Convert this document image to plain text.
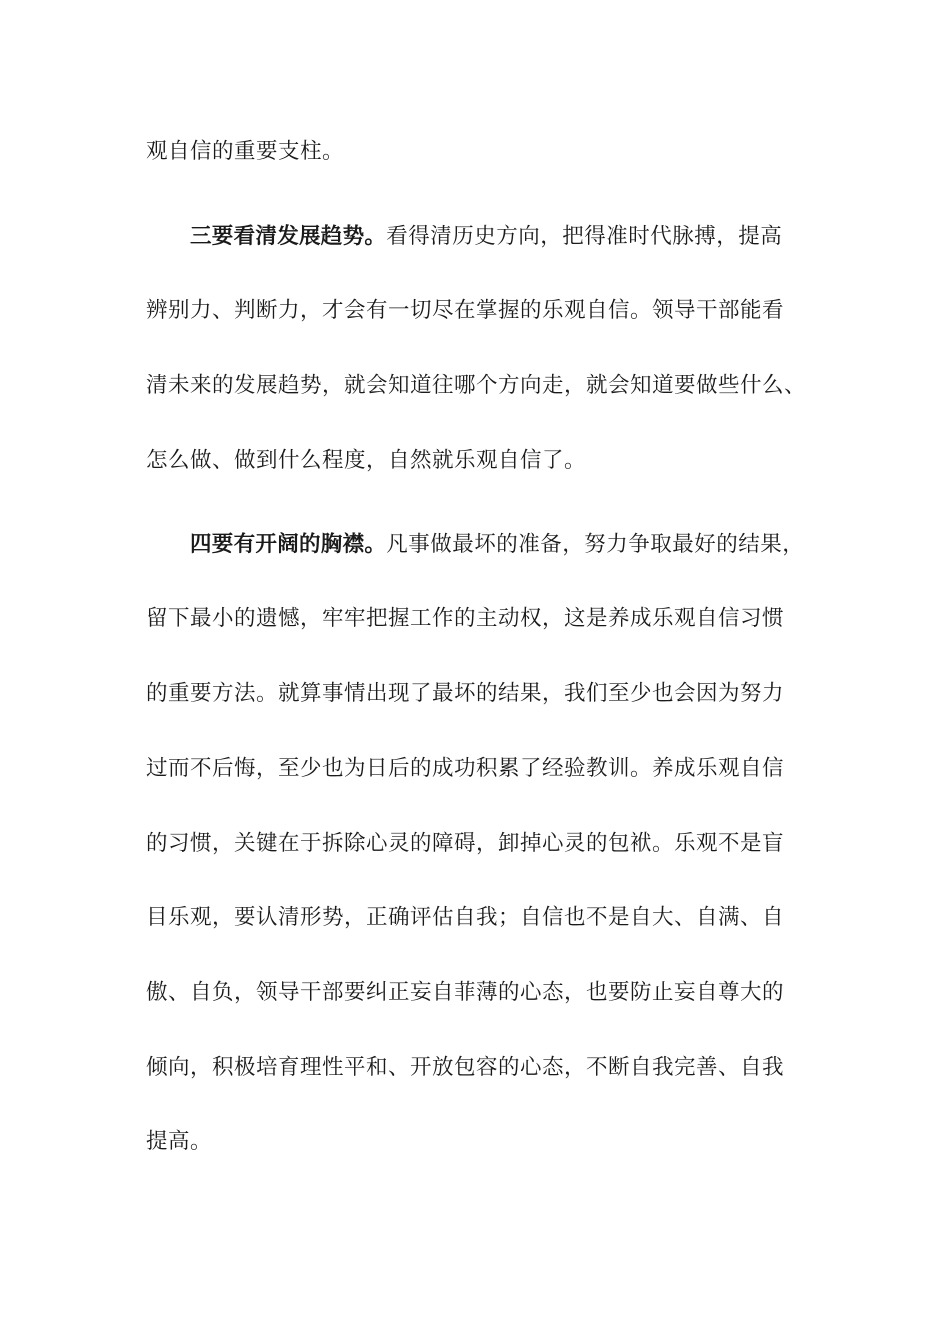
观自信的重要支柱。
三要看清发展趋势。看得清历史方向，把得准时代脉搏，提高
辨别力、判断力，才会有一切尽在掌握的乐观自信。领导干部能看
清未来的发展趋势，就会知道往哪个方向走，就会知道要做些什么、
怎么做、做到什么程度，自然就乐观自信了。
四要有开阔的胸襟。凡事做最坏的准备，努力争取最好的结果，
留下最小的遗憾，牢牢把握工作的主动权，这是养成乐观自信习惯
的重要方法。就算事情出现了最坏的结果，我们至少也会因为努力
过而不后悔，至少也为日后的成功积累了经验教训。养成乐观自信
的习惯，关键在于拆除心灵的障碍，卸掉心灵的包袱。乐观不是盲
目乐观，要认清形势，正确评估自我；自信也不是自大、自满、自
傲、自负，领导干部要纠正妄自菲薄的心态，也要防止妄自尊大的
倾向，积极培育理性平和、开放包容的心态，不断自我完善、自我
提高。
